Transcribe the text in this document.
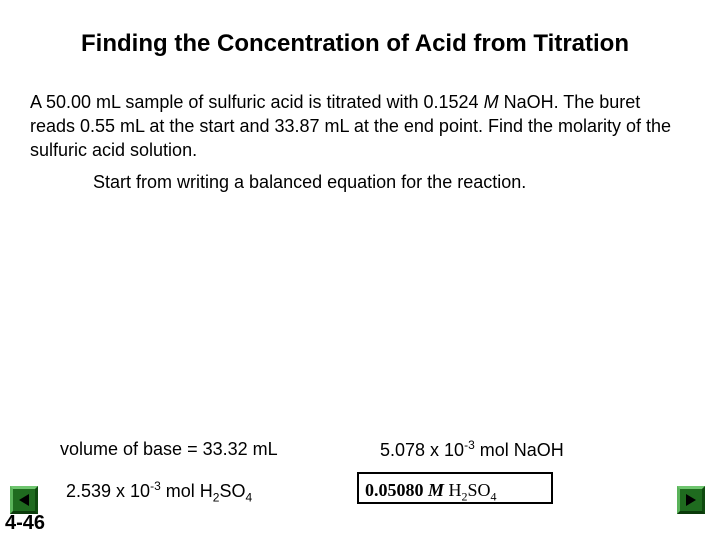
Finding the Concentration of Acid from Titration
A 50.00 mL sample of sulfuric acid is titrated with 0.1524 M NaOH. The buret reads 0.55 mL at the start and 33.87 mL at the end point. Find the molarity of the sulfuric acid solution.
Start from writing a balanced equation for the reaction.
volume of base = 33.32 mL	5.078 x $10^{-3}$ mol NaOH
2.539 x $10^{-3}$ mol $H_2SO_4$	0.05080 M $H_2SO_4$
4-46
